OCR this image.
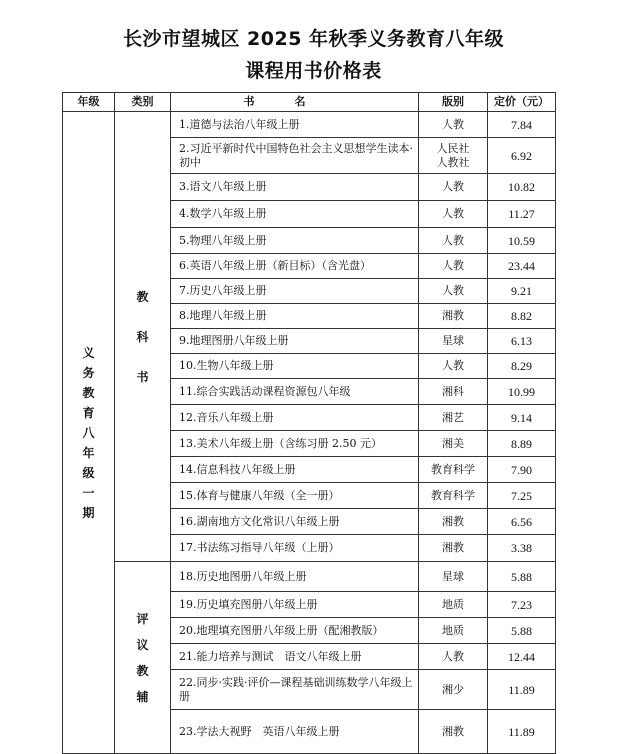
长沙市望城区 2025 年秋季义务教育八年级
课程用书价格表
年级	类别	书名	版别	定价（元）
义务教育八年级一期	教科书	1.道德与法治八年级上册	人教	7.84
		2.习近平新时代中国特色社会主义思想学生读本·初中	人民社人教社	6.92
		3.语文八年级上册	人教	10.82
		4.数学八年级上册	人教	11.27
		5.物理八年级上册	人教	10.59
		6.英语八年级上册（新目标）（含光盘）	人教	23.44
		7.历史八年级上册	人教	9.21
		8.地理八年级上册	湘教	8.82
		9.地理图册八年级上册	星球	6.13
		10.生物八年级上册	人教	8.29
		11.综合实践活动课程资源包八年级	湘科	10.99
		12.音乐八年级上册	湘艺	9.14
		13.美术八年级上册（含练习册 2.50 元）	湘美	8.89
		14.信息科技八年级上册	教育科学	7.90
		15.体育与健康八年级（全一册）	教育科学	7.25
		16.湖南地方文化常识八年级上册	湘教	6.56
		17.书法练习指导八年级（上册）	湘教	3.38
	评议教辅	18.历史地图册八年级上册	星球	5.88
		19.历史填充图册八年级上册	地质	7.23
		20.地理填充图册八年级上册（配湘教版）	地质	5.88
		21.能力培养与测试　语文八年级上册	人教	12.44
		22.同步·实践·评价—课程基础训练数学八年级上册	湘少	11.89
		23.学法大视野　英语八年级上册	湘教	11.89
